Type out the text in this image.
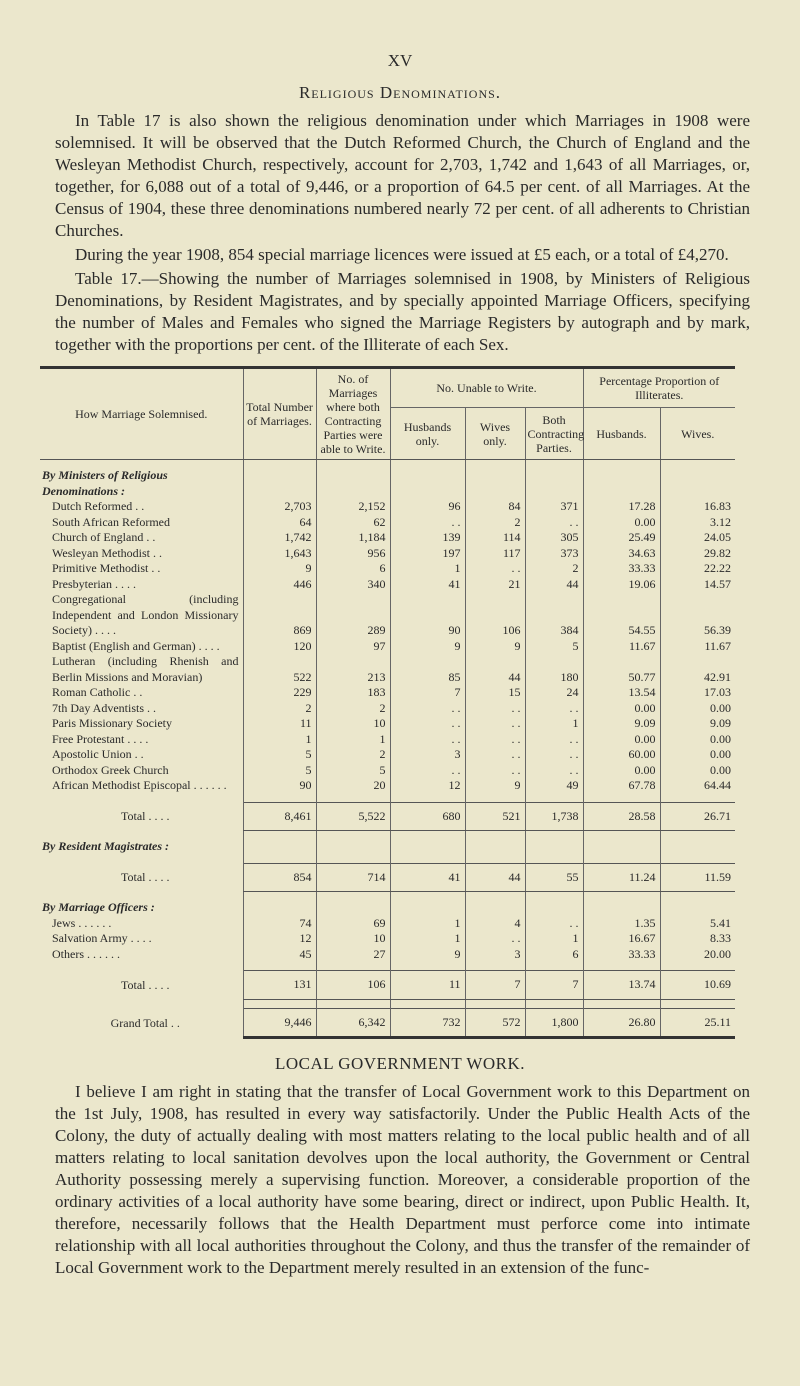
XV
Religious Denominations.

In Table 17 is also shown the religious denomination under which Marriages in 1908 were solemnised. It will be observed that the Dutch Reformed Church, the Church of England and the Wesleyan Methodist Church, respectively, account for 2,703, 1,742 and 1,643 of all Marriages, or, together, for 6,088 out of a total of 9,446, or a proportion of 64.5 per cent. of all Marriages. At the Census of 1904, these three denominations numbered nearly 72 per cent. of all adherents to Christian Churches.

During the year 1908, 854 special marriage licences were issued at £5 each, or a total of £4,270.

Table 17.—Showing the number of Marriages solemnised in 1908, by Ministers of Religious Denominations, by Resident Magistrates, and by specially appointed Marriage Officers, specifying the number of Males and Females who signed the Marriage Registers by autograph and by mark, together with the proportions per cent. of the Illiterate of each Sex.

How Marriage Solemnised.	Total Number of Marriages.	No. of Marriages where both Contracting Parties were able to Write.	No. Unable to Write.			Percentage Proportion of Illiterates.	
			Husbands only.	Wives only.	Both Contracting Parties.	Husbands.	Wives.

By Ministers of Religious Denominations :							
Dutch Reformed . .	2,703	2,152	96	84	371	17.28	16.83
South African Reformed	64	62	. .	2	. .	0.00	3.12
Church of England . .	1,742	1,184	139	114	305	25.49	24.05
Wesleyan Methodist . .	1,643	956	197	117	373	34.63	29.82
Primitive Methodist . .	9	6	1	. .	2	33.33	22.22
Presbyterian . . . .	446	340	41	21	44	19.06	14.57
Congregational (including Independent and London Missionary Society) . . . .	869	289	90	106	384	54.55	56.39
Baptist (English and German) . . . .	120	97	9	9	5	11.67	11.67
Lutheran (including Rhenish and Berlin Missions and Moravian)	522	213	85	44	180	50.77	42.91
Roman Catholic . .	229	183	7	15	24	13.54	17.03
7th Day Adventists . .	2	2	. .	. .	. .	0.00	0.00
Paris Missionary Society	11	10	. .	. .	1	9.09	9.09
Free Protestant . . . .	1	1	. .	. .	. .	0.00	0.00
Apostolic Union . .	5	2	3	. .	. .	60.00	0.00
Orthodox Greek Church	5	5	. .	. .	. .	0.00	0.00
African Methodist Episcopal . . . . . .	90	20	12	9	49	67.78	64.44

Total . . . .	8,461	5,522	680	521	1,738	28.58	26.71

By Resident Magistrates :							

Total . . . .	854	714	41	44	55	11.24	11.59

By Marriage Officers :							
Jews . . . . . .	74	69	1	4	. .	1.35	5.41
Salvation Army . . . .	12	10	1	. .	1	16.67	8.33
Others . . . . . .	45	27	9	3	6	33.33	20.00

Total . . . .	131	106	11	7	7	13.74	10.69

Grand Total . .	9,446	6,342	732	572	1,800	26.80	25.11
LOCAL GOVERNMENT WORK.

I believe I am right in stating that the transfer of Local Government work to this Department on the 1st July, 1908, has resulted in every way satisfactorily. Under the Public Health Acts of the Colony, the duty of actually dealing with most matters relating to the local public health and of all matters relating to local sanitation devolves upon the local authority, the Government or Central Authority possessing merely a supervising function. Moreover, a considerable proportion of the ordinary activities of a local authority have some bearing, direct or indirect, upon Public Health. It, therefore, necessarily follows that the Health Department must perforce come into intimate relationship with all local authorities throughout the Colony, and thus the transfer of the remainder of Local Government work to the Department merely resulted in an extension of the func-
